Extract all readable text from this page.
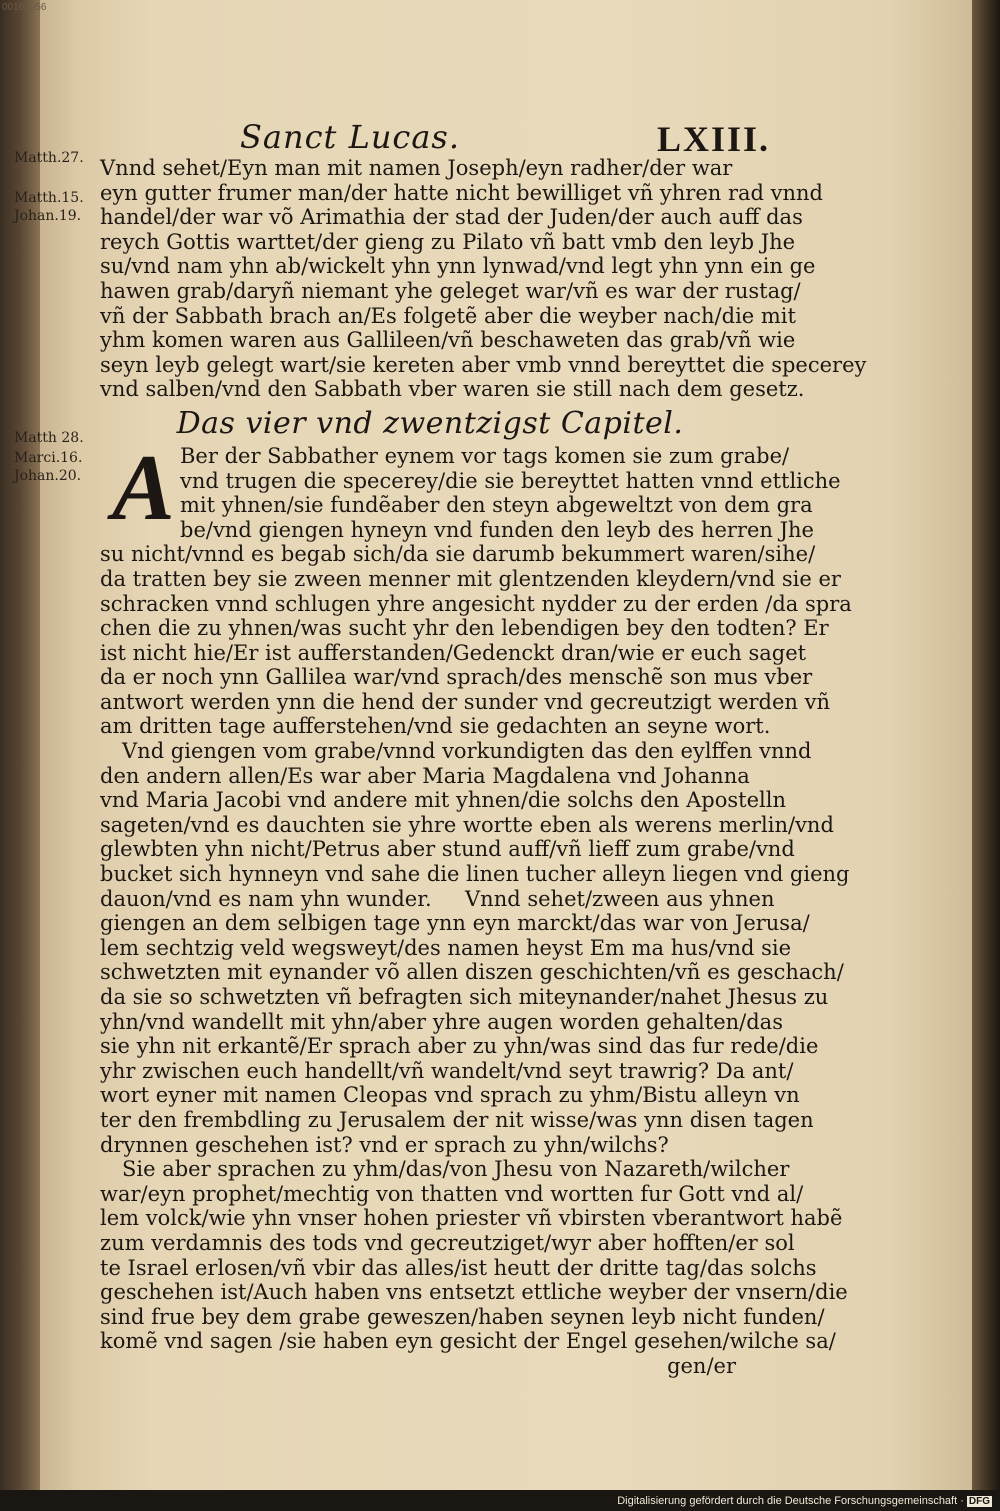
00163956
Sanct Lucas.	LXIII.
Matth.27.
Matth.15.
Johan.19.
Matth 28.
Marci.16.
Johan.20.
Vnnd sehet/Eyn man mit namen Joseph/eyn radher/der war
eyn gutter frumer man/der hatte nicht bewilliget vñ yhren rad vnnd
handel/der war võ Arimathia der stad der Juden/der auch auff das
reych Gottis warttet/der gieng zu Pilato vñ batt vmb den leyb Jhe
su/vnd nam yhn ab/wickelt yhn ynn lynwad/vnd legt yhn ynn ein ge
hawen grab/daryñ niemant yhe geleget war/vñ es war der rustag/
vñ der Sabbath brach an/Es folgetẽ aber die weyber nach/die mit
yhm komen waren aus Gallileen/vñ beschaweten das grab/vñ wie
seyn leyb gelegt wart/sie kereten aber vmb vnnd bereyttet die specerey
vnd salben/vnd den Sabbath vber waren sie still nach dem gesetz.
Das vier vnd zwentzigst Capitel.
A Ber der Sabbather eynem vor tags komen sie zum grabe/
vnd trugen die specerey/die sie bereyttet hatten vnnd ettliche
mit yhnen/sie fundẽaber den steyn abgeweltzt von dem gra
be/vnd giengen hyneyn vnd funden den leyb des herren Jhe
su nicht/vnnd es begab sich/da sie darumb bekummert waren/sihe/
da tratten bey sie zween menner mit glentzenden kleydern/vnd sie er
schracken vnnd schlugen yhre angesicht nydder zu der erden /da spra
chen die zu yhnen/was sucht yhr den lebendigen bey den todten? Er
ist nicht hie/Er ist aufferstanden/Gedenckt dran/wie er euch saget
da er noch ynn Gallilea war/vnd sprach/des menschẽ son mus vber
antwort werden ynn die hend der sunder vnd gecreutzigt werden vñ
am dritten tage aufferstehen/vnd sie gedachten an seyne wort.
Vnd giengen vom grabe/vnnd vorkundigten das den eylffen vnnd
den andern allen/Es war aber Maria Magdalena vnd Johanna
vnd Maria Jacobi vnd andere mit yhnen/die solchs den Apostelln
sageten/vnd es dauchten sie yhre wortte eben als werens merlin/vnd
glewbten yhn nicht/Petrus aber stund auff/vñ lieff zum grabe/vnd
bucket sich hynneyn vnd sahe die linen tucher alleyn liegen vnd gieng
dauon/vnd es nam yhn wunder.     Vnnd sehet/zween aus yhnen
giengen an dem selbigen tage ynn eyn marckt/das war von Jerusa/
lem sechtzig veld wegsweyt/des namen heyst Em ma hus/vnd sie
schwetzten mit eynander võ allen diszen geschichten/vñ es geschach/
da sie so schwetzten vñ befragten sich miteynander/nahet Jhesus zu
yhn/vnd wandellt mit yhn/aber yhre augen worden gehalten/das
sie yhn nit erkantẽ/Er sprach aber zu yhn/was sind das fur rede/die
yhr zwischen euch handellt/vñ wandelt/vnd seyt trawrig? Da ant/
wort eyner mit namen Cleopas vnd sprach zu yhm/Bistu alleyn vn
ter den frembdling zu Jerusalem der nit wisse/was ynn disen tagen
drynnen geschehen ist? vnd er sprach zu yhn/wilchs?
Sie aber sprachen zu yhm/das/von Jhesu von Nazareth/wilcher
war/eyn prophet/mechtig von thatten vnd wortten fur Gott vnd al/
lem volck/wie yhn vnser hohen priester vñ vbirsten vberantwort habẽ
zum verdamnis des tods vnd gecreutziget/wyr aber hofften/er sol
te Israel erlosen/vñ vbir das alles/ist heutt der dritte tag/das solchs
geschehen ist/Auch haben vns entsetzt ettliche weyber der vnsern/die
sind frue bey dem grabe geweszen/haben seynen leyb nicht funden/
komẽ vnd sagen /sie haben eyn gesicht der Engel gesehen/wilche sa/
gen/er
Digitalisierung gefördert durch die Deutsche Forschungsgemeinschaft · DFG
